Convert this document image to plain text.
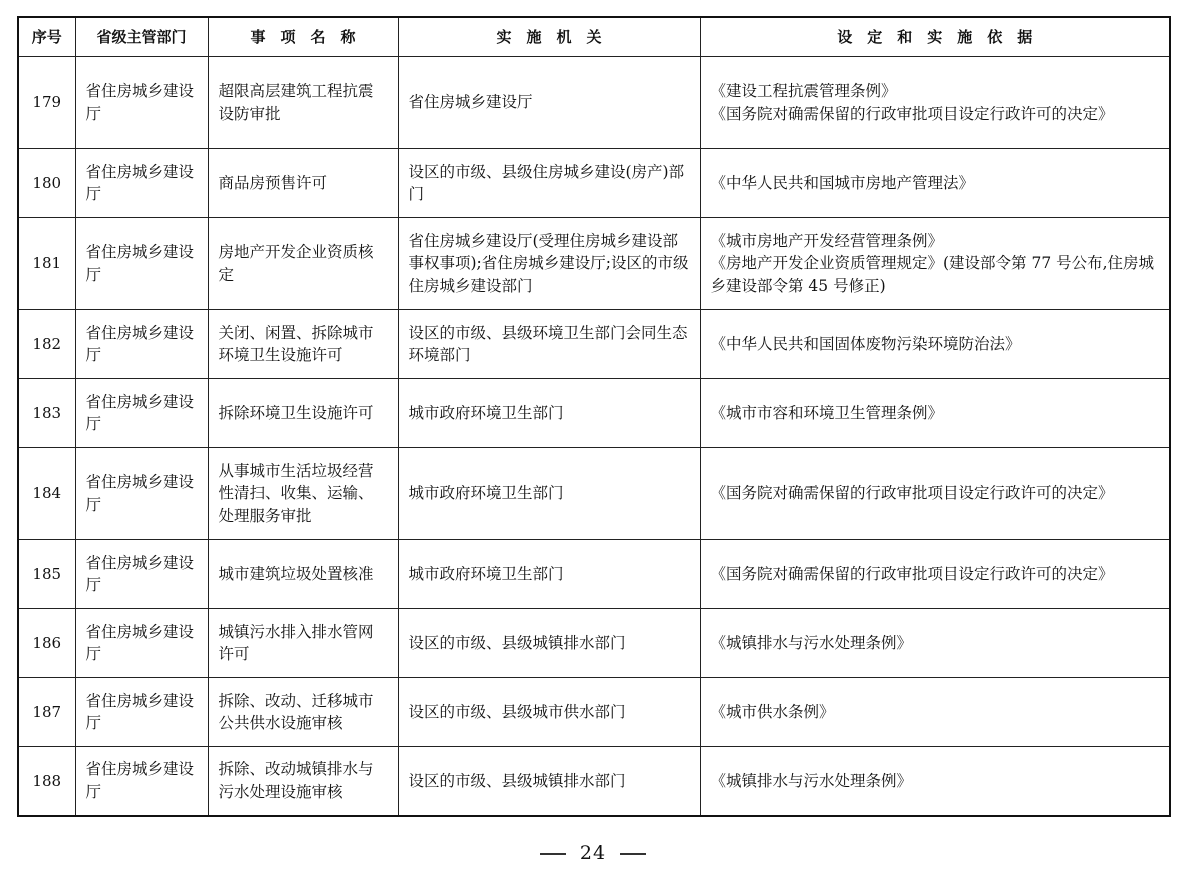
序号	省级主管部门	事　项　名　称	实　施　机　关	设　定　和　实　施　依　据
179	省住房城乡建设厅	超限高层建筑工程抗震设防审批	省住房城乡建设厅	《建设工程抗震管理条例》
《国务院对确需保留的行政审批项目设定行政许可的决定》

180	省住房城乡建设厅	商品房预售许可	设区的市级、县级住房城乡建设(房产)部门	《中华人民共和国城市房地产管理法》

181	省住房城乡建设厅	房地产开发企业资质核定	省住房城乡建设厅(受理住房城乡建设部事权事项);省住房城乡建设厅;设区的市级住房城乡建设部门	《城市房地产开发经营管理条例》
《房地产开发企业资质管理规定》(建设部令第 77 号公布,住房城乡建设部令第 45 号修正)

182	省住房城乡建设厅	关闭、闲置、拆除城市环境卫生设施许可	设区的市级、县级环境卫生部门会同生态环境部门	《中华人民共和国固体废物污染环境防治法》

183	省住房城乡建设厅	拆除环境卫生设施许可	城市政府环境卫生部门	《城市市容和环境卫生管理条例》

184	省住房城乡建设厅	从事城市生活垃圾经营性清扫、收集、运输、处理服务审批	城市政府环境卫生部门	《国务院对确需保留的行政审批项目设定行政许可的决定》

185	省住房城乡建设厅	城市建筑垃圾处置核准	城市政府环境卫生部门	《国务院对确需保留的行政审批项目设定行政许可的决定》

186	省住房城乡建设厅	城镇污水排入排水管网许可	设区的市级、县级城镇排水部门	《城镇排水与污水处理条例》

187	省住房城乡建设厅	拆除、改动、迁移城市公共供水设施审核	设区的市级、县级城市供水部门	《城市供水条例》

188	省住房城乡建设厅	拆除、改动城镇排水与污水处理设施审核	设区的市级、县级城镇排水部门	《城镇排水与污水处理条例》
24
